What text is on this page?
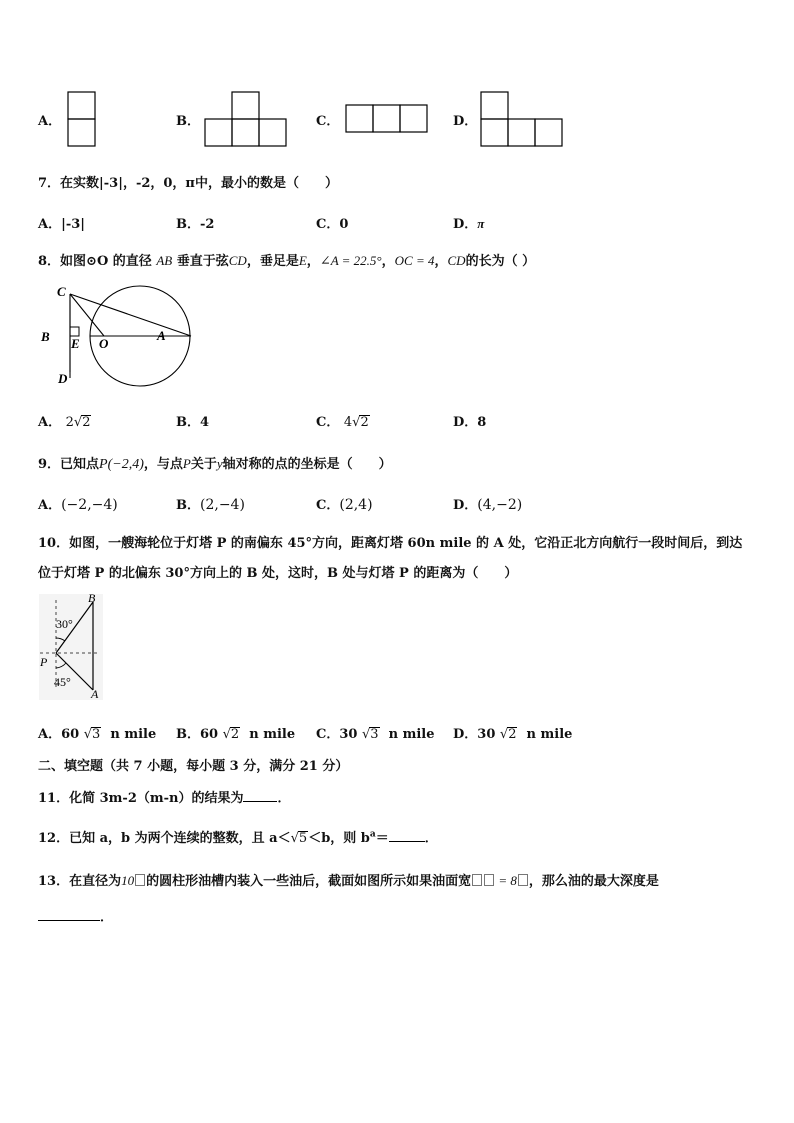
A．	B．	C．	D．
7．在实数|-3|，-2，0，π中，最小的数是（　　）
A．|-3|	B．-2	C．0	D．π
8．如图⊙O 的直径 AB 垂直于弦CD，垂足是E，∠A = 22.5°，OC = 4，CD的长为（ ）
C
B E O
A
D
A． 2√2	B．4	C． 4√2	D．8
9．已知点P(−2,4)，与点P关于y轴对称的点的坐标是（　　）
A．(−2,−4)	B．(2,−4)	C．(2,4)	D．(4,−2)
10．如图，一艘海轮位于灯塔 P 的南偏东 45°方向，距离灯塔 60n mile 的 A 处，它沿正北方向航行一段时间后，到达
位于灯塔 P 的北偏东 30°方向上的 B 处，这时，B 处与灯塔 P 的距离为（　　）
B
A
P
30°
45°
A．60 √3 n mile B．60 √2 n mile C．30 √3 n mile D．30 √2 n mile
二、填空题（共 7 小题，每小题 3 分，满分 21 分）
11．化简 3m-2（m-n）的结果为	．
12．已知 a，b 为两个连续的整数，且 a＜√5＜b，则 $b^a=$	．
13．在直径为10 的圆柱形油槽内装入一些油后，截面如图所示如果油面宽 = 8 ，那么油的最大深度是
．
